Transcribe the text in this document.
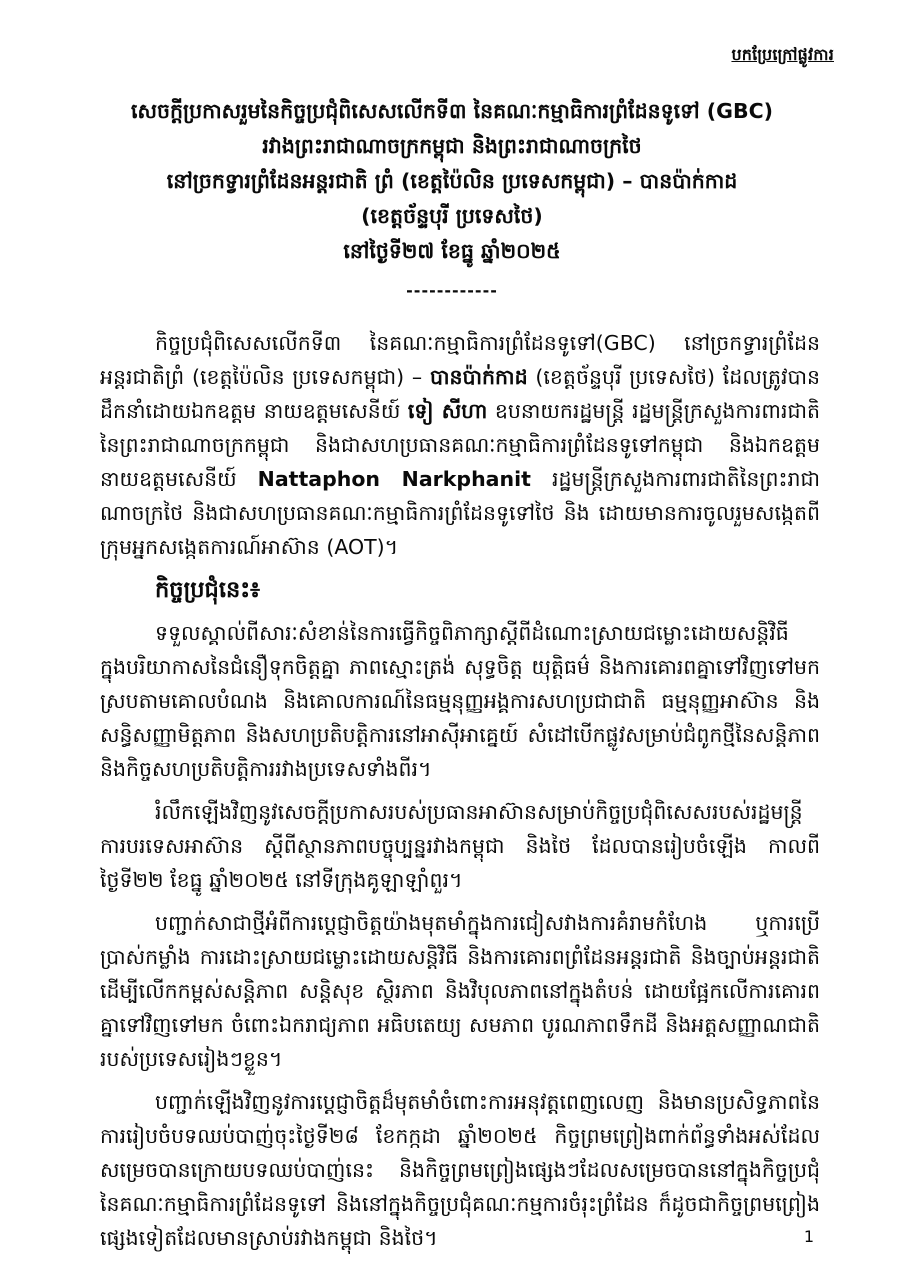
បកប្រែក្រៅផ្លូវការ
សេចក្តីប្រកាសរួមនៃកិច្ចប្រជុំពិសេសលើកទី៣ នៃគណៈកម្មាធិការព្រំដែនទូទៅ (GBC)
រវាងព្រះរាជាណាចក្រកម្ពុជា និងព្រះរាជាណាចក្រថៃ
នៅច្រកទ្វារព្រំដែនអន្តរជាតិ ព្រំ (ខេត្តប៉ៃលិន ប្រទេសកម្ពុជា) – បានប៉ាក់កាដ
(ខេត្តច័ន្ទបុរី ប្រទេសថៃ)
នៅថ្ងៃទី២៧ ខែធ្នូ ឆ្នាំ២០២៥
------------

កិច្ចប្រជុំពិសេសលើកទី៣ នៃគណៈកម្មាធិការព្រំដែនទូទៅ(GBC) នៅច្រកទ្វារព្រំដែនអន្តរជាតិព្រំ (ខេត្តប៉ៃលិន ប្រទេសកម្ពុជា) – បានប៉ាក់កាដ (ខេត្តច័ន្ទបុរី ប្រទេសថៃ) ដែលត្រូវបានដឹកនាំដោយឯកឧត្តម នាយឧត្តមសេនីយ៍ ទៀ សីហា ឧបនាយករដ្ឋមន្ត្រី រដ្ឋមន្ត្រីក្រសួងការពារជាតិនៃព្រះរាជាណាចក្រកម្ពុជា និងជាសហប្រធានគណៈកម្មាធិការព្រំដែនទូទៅកម្ពុជា និងឯកឧត្តម នាយឧត្តមសេនីយ៍ Nattaphon Narkphanit រដ្ឋមន្ត្រីក្រសួងការពារជាតិនៃព្រះរាជាណាចក្រថៃ និងជាសហប្រធានគណៈកម្មាធិការព្រំដែនទូទៅថៃ និង ដោយមានការចូលរួមសង្កេតពីក្រុមអ្នកសង្កេតការណ៍អាស៊ាន (AOT)។

កិច្ចប្រជុំនេះ៖

ទទួលស្គាល់ពីសារៈសំខាន់នៃការធ្វើកិច្ចពិភាក្សាស្តីពីដំណោះស្រាយជម្លោះដោយសន្តិវិធី ក្នុងបរិយាកាសនៃជំនឿទុកចិត្តគ្នា ភាពស្មោះត្រង់ សុទ្ធចិត្ត យុត្តិធម៌ និងការគោរពគ្នាទៅវិញទៅមក ស្របតាមគោលបំណង និងគោលការណ៍នៃធម្មនុញ្ញអង្គការសហប្រជាជាតិ ធម្មនុញ្ញអាស៊ាន និងសន្ធិសញ្ញាមិត្តភាព និងសហប្រតិបត្តិការនៅអាស៊ីអាគ្នេយ៍ សំដៅបើកផ្លូវសម្រាប់ជំពូកថ្មីនៃសន្តិភាព និងកិច្ចសហប្រតិបត្តិការរវាងប្រទេសទាំងពីរ។

រំលឹកឡើងវិញនូវសេចក្តីប្រកាសរបស់ប្រធានអាស៊ានសម្រាប់កិច្ចប្រជុំពិសេសរបស់រដ្ឋមន្ត្រីការបរទេសអាស៊ាន ស្តីពីស្ថានភាពបច្ចុប្បន្នរវាងកម្ពុជា និងថៃ ដែលបានរៀបចំឡើង កាលពីថ្ងៃទី២២ ខែធ្នូ ឆ្នាំ២០២៥ នៅទីក្រុងគូឡាឡាំពួរ។

បញ្ជាក់សាជាថ្មីអំពីការប្តេជ្ញាចិត្តយ៉ាងមុតមាំក្នុងការជៀសវាងការគំរាមកំហែង ឬការប្រើប្រាស់កម្លាំង ការដោះស្រាយជម្លោះដោយសន្តិវិធី និងការគោរពព្រំដែនអន្តរជាតិ និងច្បាប់អន្តរជាតិ ដើម្បីលើកកម្ពស់សន្តិភាព សន្តិសុខ ស្ថិរភាព និងវិបុលភាពនៅក្នុងតំបន់ ដោយផ្អែកលើការគោរពគ្នាទៅវិញទៅមក ចំពោះឯករាជ្យភាព អធិបតេយ្យ សមភាព បូរណភាពទឹកដី និងអត្តសញ្ញាណជាតិរបស់ប្រទេសរៀងៗខ្លួន។

បញ្ជាក់ឡើងវិញនូវការប្តេជ្ញាចិត្តដ៏មុតមាំចំពោះការអនុវត្តពេញលេញ និងមានប្រសិទ្ធភាពនៃការរៀបចំបទឈប់បាញ់ចុះថ្ងៃទី២៨ ខែកក្កដា ឆ្នាំ២០២៥ កិច្ចព្រមព្រៀងពាក់ព័ន្ធទាំងអស់ដែលសម្រេចបានក្រោយបទឈប់បាញ់នេះ និងកិច្ចព្រមព្រៀងផ្សេងៗដែលសម្រេចបាននៅក្នុងកិច្ចប្រជុំនៃគណៈកម្មាធិការព្រំដែនទូទៅ និងនៅក្នុងកិច្ចប្រជុំគណៈកម្មការចំរុះព្រំដែន ក៏ដូចជាកិច្ចព្រមព្រៀងផ្សេងទៀតដែលមានស្រាប់រវាងកម្ពុជា និងថៃ។	1
